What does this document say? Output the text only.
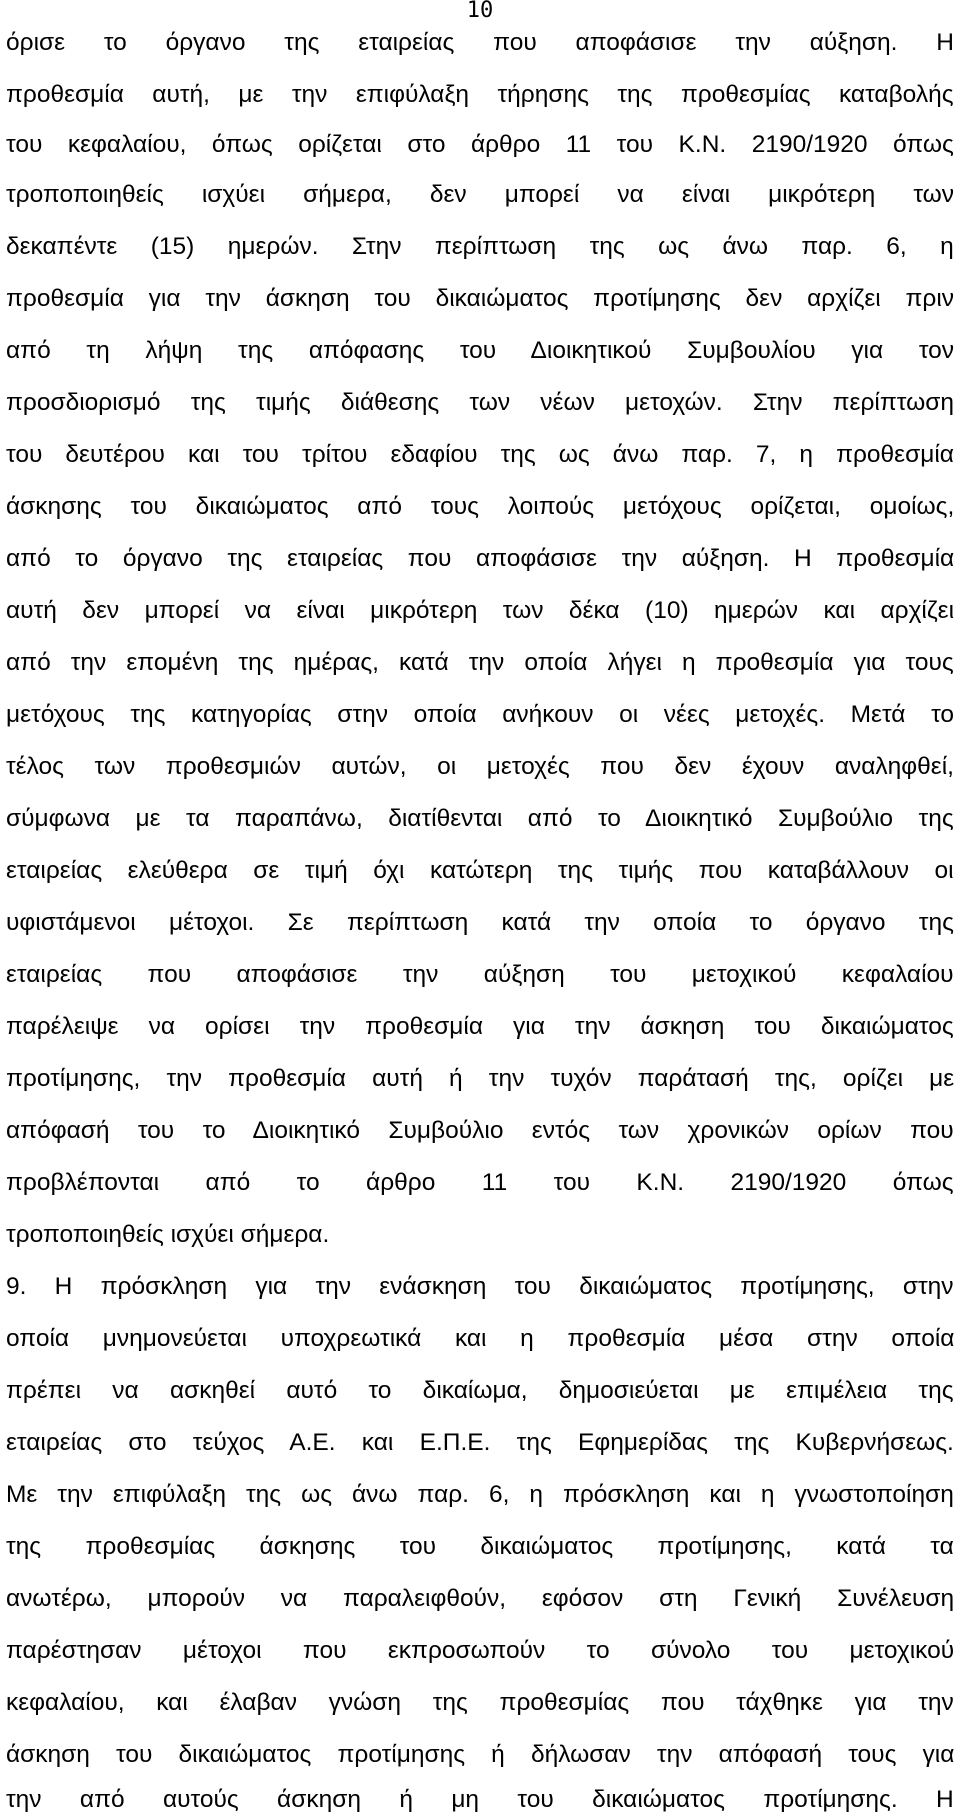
10

όρισε το όργανο της εταιρείας που αποφάσισε την αύξηση. Η

προθεσμία αυτή, με την επιφύλαξη τήρησης της προθεσμίας καταβολής

του κεφαλαίου, όπως ορίζεται στο άρθρο 11 του Κ.Ν. 2190/1920 όπως

τροποποιηθείς ισχύει σήμερα, δεν μπορεί να είναι μικρότερη των

δεκαπέντε (15) ημερών. Στην περίπτωση της ως άνω παρ. 6, η

προθεσμία για την άσκηση του δικαιώματος προτίμησης δεν αρχίζει πριν

από τη λήψη της απόφασης του Διοικητικού Συμβουλίου για τον

προσδιορισμό της τιμής διάθεσης των νέων μετοχών. Στην περίπτωση

του δευτέρου και του τρίτου εδαφίου της ως άνω παρ. 7, η προθεσμία

άσκησης του δικαιώματος από τους λοιπούς μετόχους ορίζεται, ομοίως,

από το όργανο της εταιρείας που αποφάσισε την αύξηση. Η προθεσμία

αυτή δεν μπορεί να είναι μικρότερη των δέκα (10) ημερών και αρχίζει

από την επομένη της ημέρας, κατά την οποία λήγει η προθεσμία για τους

μετόχους της κατηγορίας στην οποία ανήκουν οι νέες μετοχές. Μετά το

τέλος των προθεσμιών αυτών, οι μετοχές που δεν έχουν αναληφθεί,

σύμφωνα με τα παραπάνω, διατίθενται από το Διοικητικό Συμβούλιο της

εταιρείας ελεύθερα σε τιμή όχι κατώτερη της τιμής που καταβάλλουν οι

υφιστάμενοι μέτοχοι. Σε περίπτωση κατά την οποία το όργανο της

εταιρείας που αποφάσισε την αύξηση του μετοχικού κεφαλαίου

παρέλειψε να ορίσει την προθεσμία για την άσκηση του δικαιώματος

προτίμησης, την προθεσμία αυτή ή την τυχόν παράτασή της, ορίζει με

απόφασή του το Διοικητικό Συμβούλιο εντός των χρονικών ορίων που

προβλέπονται από το άρθρο 11 του Κ.Ν. 2190/1920 όπως

τροποποιηθείς ισχύει σήμερα.

9. Η πρόσκληση για την ενάσκηση του δικαιώματος προτίμησης, στην

οποία μνημονεύεται υποχρεωτικά και η προθεσμία μέσα στην οποία

πρέπει να ασκηθεί αυτό το δικαίωμα, δημοσιεύεται με επιμέλεια της

εταιρείας στο τεύχος Α.Ε. και Ε.Π.Ε. της Εφημερίδας της Κυβερνήσεως.

Με την επιφύλαξη της ως άνω παρ. 6, η πρόσκληση και η γνωστοποίηση

της προθεσμίας άσκησης του δικαιώματος προτίμησης, κατά τα

ανωτέρω, μπορούν να παραλειφθούν, εφόσον στη Γενική Συνέλευση

παρέστησαν μέτοχοι που εκπροσωπούν το σύνολο του μετοχικού

κεφαλαίου, και έλαβαν γνώση της προθεσμίας που τάχθηκε για την

άσκηση του δικαιώματος προτίμησης ή δήλωσαν την απόφασή τους για

την από αυτούς άσκηση ή μη του δικαιώματος προτίμησης. Η
